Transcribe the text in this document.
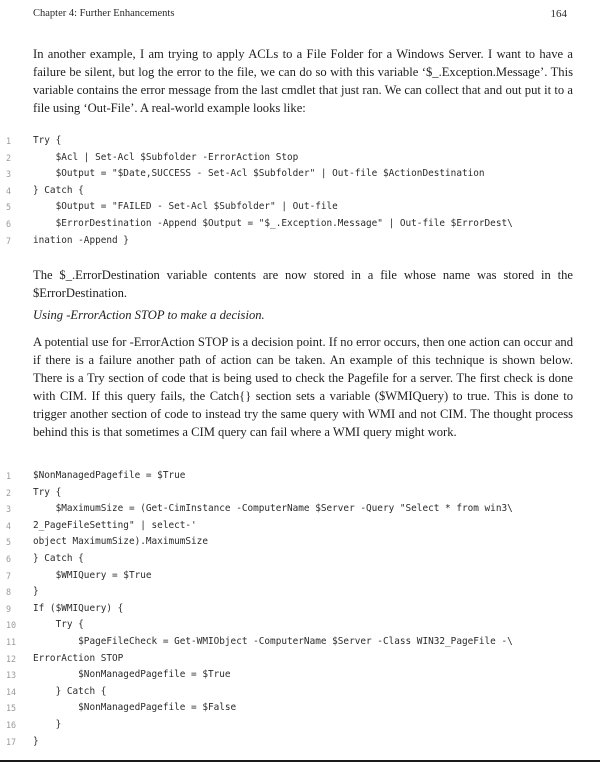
Chapter 4: Further Enhancements	164

In another example, I am trying to apply ACLs to a File Folder for a Windows Server. I want to have a failure be silent, but log the error to the file, we can do so with this variable ‘$_.Exception.Message’. This variable contains the error message from the last cmdlet that just ran. We can collect that and out put it to a file using ‘Out-File’. A real-world example looks like:

1	Try {
2	$Acl | Set-Acl $Subfolder -ErrorAction Stop
3	$Output = "$Date,SUCCESS - Set-Acl $Subfolder" | Out-file $ActionDestination
4	} Catch {
5	$Output = "FAILED - Set-Acl $Subfolder" | Out-file
6	$ErrorDestination -Append $Output = "$_.Exception.Message" | Out-file $ErrorDest\
7	ination -Append }

The $_.ErrorDestination variable contents are now stored in a file whose name was stored in the $ErrorDestination.

Using -ErrorAction STOP to make a decision.

A potential use for -ErrorAction STOP is a decision point. If no error occurs, then one action can occur and if there is a failure another path of action can be taken. An example of this technique is shown below. There is a Try section of code that is being used to check the Pagefile for a server. The first check is done with CIM. If this query fails, the Catch{} section sets a variable ($WMIQuery) to true. This is done to trigger another section of code to instead try the same query with WMI and not CIM. The thought process behind this is that sometimes a CIM query can fail where a WMI query might work.

1	$NonManagedPagefile = $True
2	Try {
3	$MaximumSize = (Get-CimInstance -ComputerName $Server -Query "Select * from win3\
4	2_PageFileSetting" | select-'
5	object MaximumSize).MaximumSize
6	} Catch {
7	$WMIQuery = $True
8	}
9	If ($WMIQuery) {
10	Try {
11	$PageFileCheck = Get-WMIObject -ComputerName $Server -Class WIN32_PageFile -\
12	ErrorAction STOP
13	$NonManagedPagefile = $True
14	} Catch {
15	$NonManagedPagefile = $False
16	}
17	}
